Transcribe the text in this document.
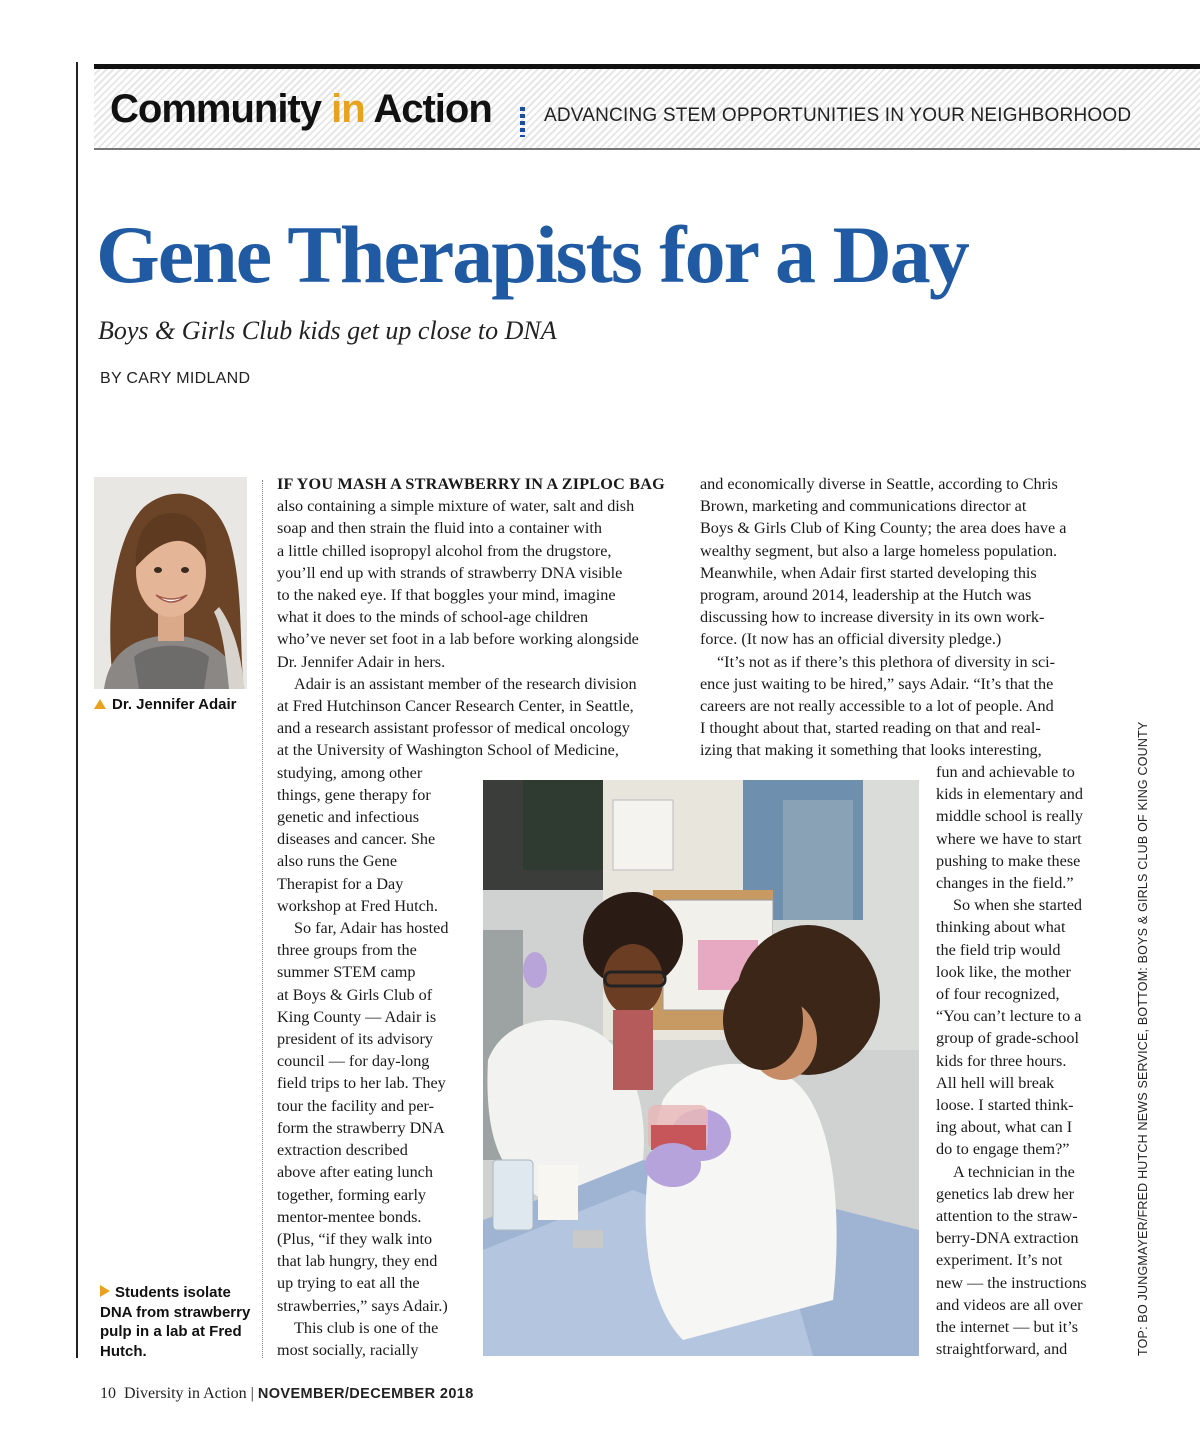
Community in Action	ADVANCING STEM OPPORTUNITIES IN YOUR NEIGHBORHOOD
Gene Therapists for a Day
Boys & Girls Club kids get up close to DNA
BY CARY MIDLAND
Dr. Jennifer Adair
Students isolate DNA from strawberry pulp in a lab at Fred Hutch.

IF YOU MASH A STRAWBERRY IN A ZIPLOC BAG

also containing a simple mixture of water, salt and dish

soap and then strain the fluid into a container with

a little chilled isopropyl alcohol from the drugstore,

you’ll end up with strands of strawberry DNA visible

to the naked eye. If that boggles your mind, imagine

what it does to the minds of school-age children

who’ve never set foot in a lab before working alongside

Dr. Jennifer Adair in hers.

Adair is an assistant member of the research division

at Fred Hutchinson Cancer Research Center, in Seattle,

and a research assistant professor of medical oncology

at the University of Washington School of Medicine,

studying, among other

things, gene therapy for

genetic and infectious

diseases and cancer. She

also runs the Gene

Therapist for a Day

workshop at Fred Hutch.

So far, Adair has hosted

three groups from the

summer STEM camp

at Boys & Girls Club of

King County — Adair is

president of its advisory

council — for day-long

field trips to her lab. They

tour the facility and per-

form the strawberry DNA

extraction described

above after eating lunch

together, forming early

mentor-mentee bonds.

(Plus, “if they walk into

that lab hungry, they end

up trying to eat all the

strawberries,” says Adair.)

This club is one of the

most socially, racially

and economically diverse in Seattle, according to Chris

Brown, marketing and communications director at

Boys & Girls Club of King County; the area does have a

wealthy segment, but also a large homeless population.

Meanwhile, when Adair first started developing this

program, around 2014, leadership at the Hutch was

discussing how to increase diversity in its own work-

force. (It now has an official diversity pledge.)

“It’s not as if there’s this plethora of diversity in sci-

ence just waiting to be hired,” says Adair. “It’s that the

careers are not really accessible to a lot of people. And

I thought about that, started reading on that and real-

izing that making it something that looks interesting,

fun and achievable to

kids in elementary and

middle school is really

where we have to start

pushing to make these

changes in the field.”

So when she started

thinking about what

the field trip would

look like, the mother

of four recognized,

“You can’t lecture to a

group of grade-school

kids for three hours.

All hell will break

loose. I started think-

ing about, what can I

do to engage them?”

A technician in the

genetics lab drew her

attention to the straw-

berry-DNA extraction

experiment. It’s not

new — the instructions

and videos are all over

the internet — but it’s

straightforward, and	TOP: BO JUNGMAYER/FRED HUTCH NEWS SERVICE, BOTTOM: BOYS & GIRLS CLUB OF KING COUNTY
10 Diversity in Action | NOVEMBER/DECEMBER 2018
